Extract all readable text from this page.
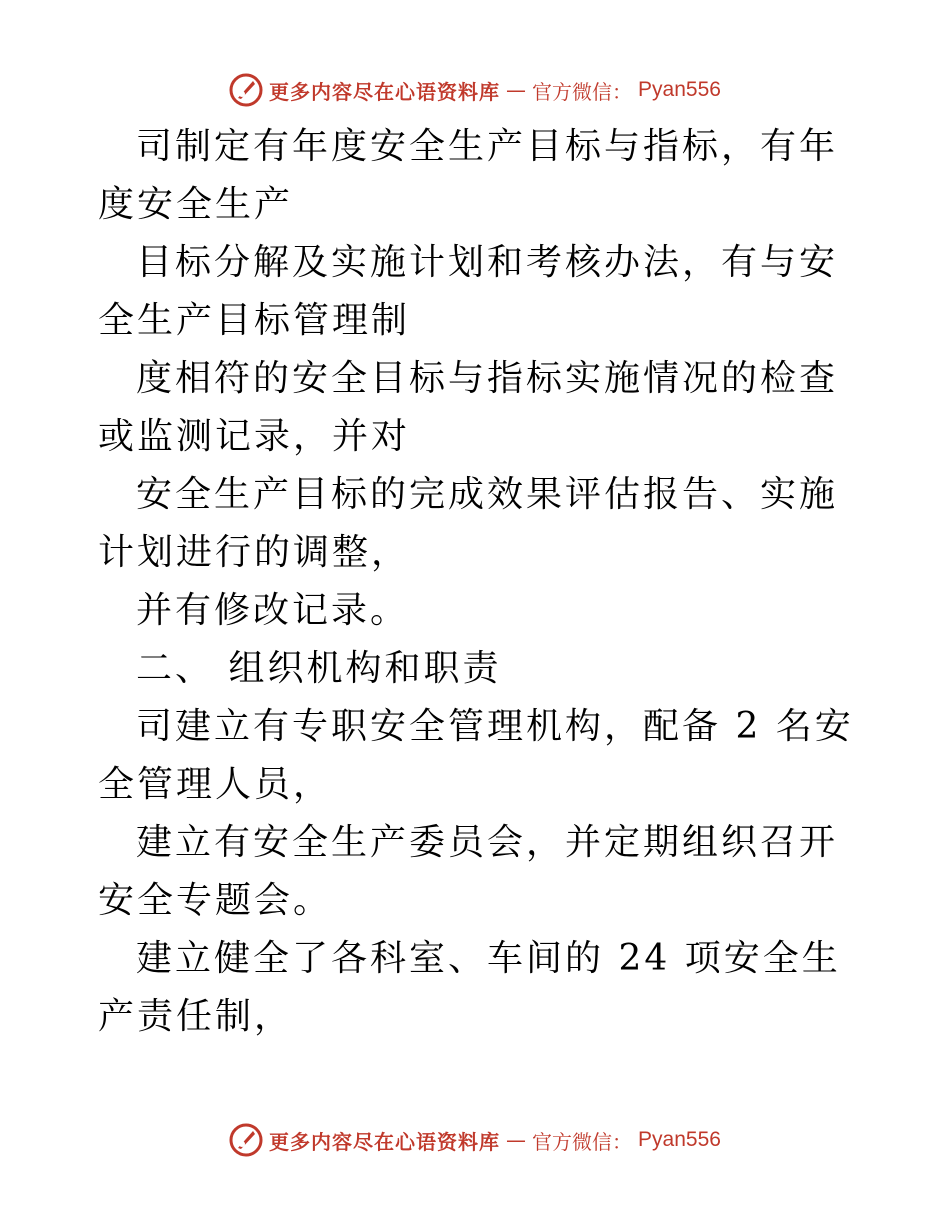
更多内容尽在心语资料库 — 官方微信： Pyan556

司制定有年度安全生产目标与指标，有年度安全生产

目标分解及实施计划和考核办法，有与安全生产目标管理制

度相符的安全目标与指标实施情况的检查或监测记录，并对

安全生产目标的完成效果评估报告、实施计划进行的调整，

并有修改记录。

二、 组织机构和职责

司建立有专职安全管理机构，配备 2 名安全管理人员，

建立有安全生产委员会，并定期组织召开安全专题会。

建立健全了各科室、车间的 24 项安全生产责任制，

更多内容尽在心语资料库 — 官方微信： Pyan556
